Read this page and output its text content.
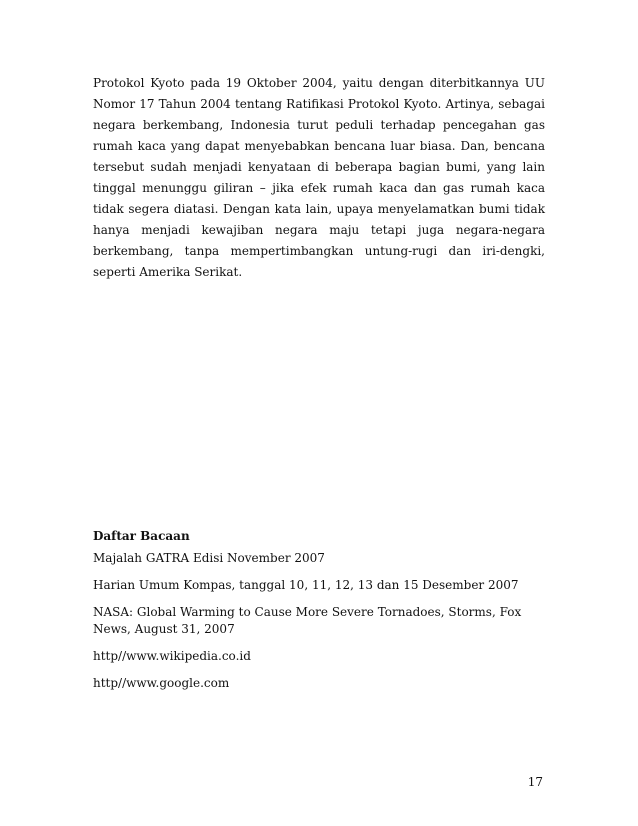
Protokol Kyoto pada 19 Oktober 2004, yaitu dengan diterbitkannya UU Nomor 17 Tahun 2004 tentang Ratifikasi Protokol Kyoto. Artinya, sebagai negara berkembang, Indonesia turut peduli terhadap pencegahan gas rumah kaca yang dapat menyebabkan bencana luar biasa. Dan, bencana tersebut sudah menjadi kenyataan di beberapa bagian bumi, yang lain tinggal menunggu giliran – jika efek rumah kaca dan gas rumah kaca tidak segera diatasi. Dengan kata lain, upaya menyelamatkan bumi tidak hanya menjadi kewajiban negara maju tetapi juga negara-negara berkembang, tanpa mempertimbangkan untung-rugi dan iri-dengki, seperti Amerika Serikat.

Daftar Bacaan
Majalah GATRA Edisi November 2007
Harian Umum Kompas, tanggal 10, 11, 12, 13 dan 15 Desember 2007
NASA: Global Warming to Cause More Severe Tornadoes, Storms, Fox News, August 31, 2007
http//www.wikipedia.co.id
http//www.google.com

17
